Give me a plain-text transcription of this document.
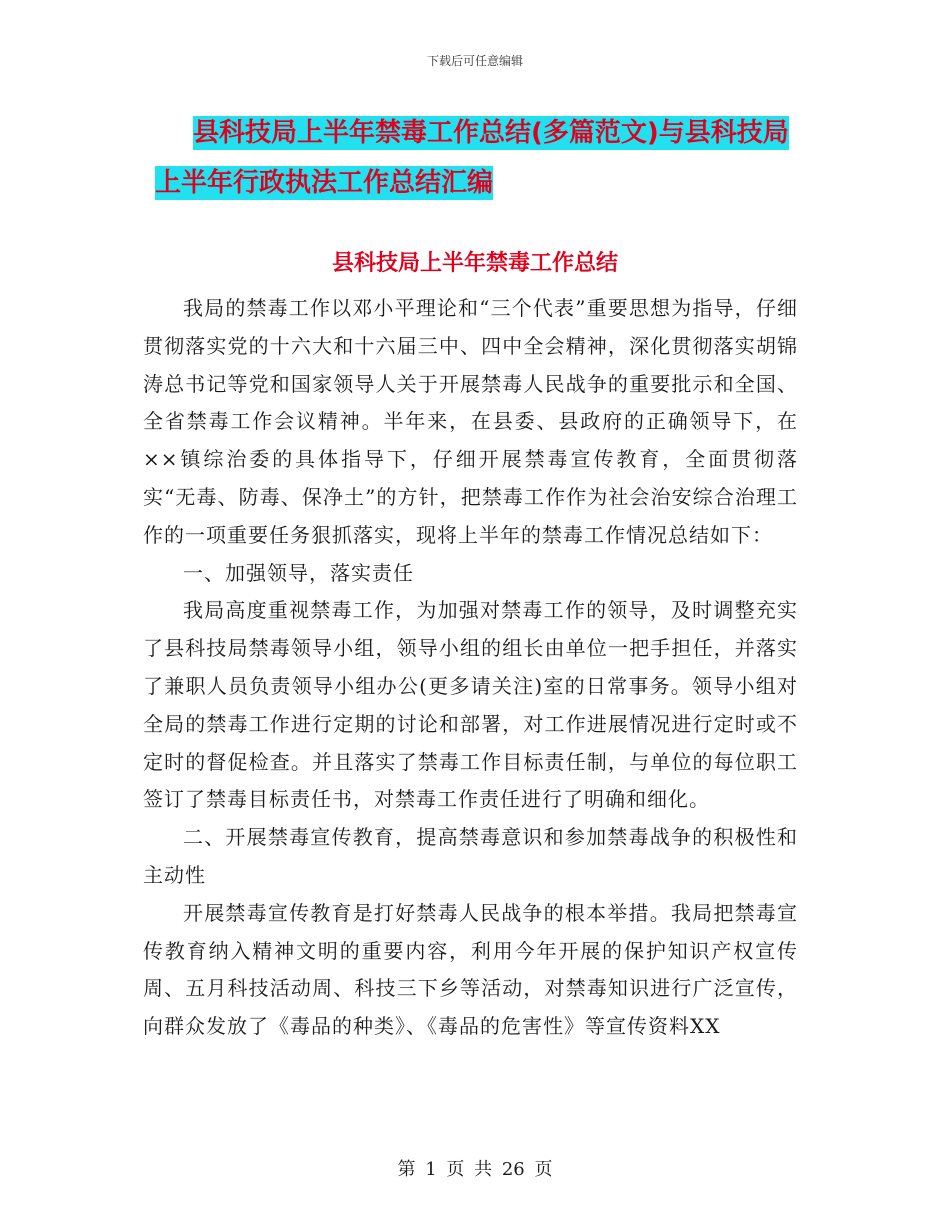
下载后可任意编辑
县科技局上半年禁毒工作总结(多篇范文)与县科技局
上半年行政执法工作总结汇编
县科技局上半年禁毒工作总结

我局的禁毒工作以邓小平理论和“三个代表”重要思想为指导，仔细贯彻落实党的十六大和十六届三中、四中全会精神，深化贯彻落实胡锦涛总书记等党和国家领导人关于开展禁毒人民战争的重要批示和全国、全省禁毒工作会议精神。半年来，在县委、县政府的正确领导下，在××镇综治委的具体指导下，仔细开展禁毒宣传教育，全面贯彻落实“无毒、防毒、保净土”的方针，把禁毒工作作为社会治安综合治理工作的一项重要任务狠抓落实，现将上半年的禁毒工作情况总结如下：

一、加强领导，落实责任

我局高度重视禁毒工作，为加强对禁毒工作的领导，及时调整充实了县科技局禁毒领导小组，领导小组的组长由单位一把手担任，并落实了兼职人员负责领导小组办公(更多请关注)室的日常事务。领导小组对全局的禁毒工作进行定期的讨论和部署，对工作进展情况进行定时或不定时的督促检查。并且落实了禁毒工作目标责任制，与单位的每位职工签订了禁毒目标责任书，对禁毒工作责任进行了明确和细化。

二、开展禁毒宣传教育，提高禁毒意识和参加禁毒战争的积极性和主动性

开展禁毒宣传教育是打好禁毒人民战争的根本举措。我局把禁毒宣传教育纳入精神文明的重要内容，利用今年开展的保护知识产权宣传周、五月科技活动周、科技三下乡等活动，对禁毒知识进行广泛宣传，向群众发放了《毒品的种类》、《毒品的危害性》等宣传资料XX

第 1 页 共 26 页
